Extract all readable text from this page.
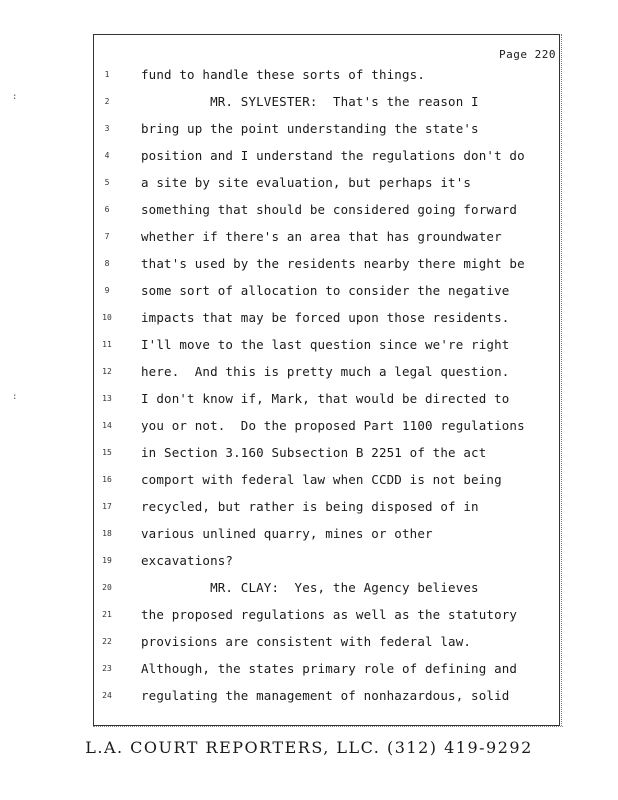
:
:
Page 220
1	fund to handle these sorts of things.
2	MR. SYLVESTER:  That's the reason I
3	bring up the point understanding the state's
4	position and I understand the regulations don't do
5	a site by site evaluation, but perhaps it's
6	something that should be considered going forward
7	whether if there's an area that has groundwater
8	that's used by the residents nearby there might be
9	some sort of allocation to consider the negative
10	impacts that may be forced upon those residents.
11	I'll move to the last question since we're right
12	here.  And this is pretty much a legal question.
13	I don't know if, Mark, that would be directed to
14	you or not.  Do the proposed Part 1100 regulations
15	in Section 3.160 Subsection B 2251 of the act
16	comport with federal law when CCDD is not being
17	recycled, but rather is being disposed of in
18	various unlined quarry, mines or other
19	excavations?
20	MR. CLAY:  Yes, the Agency believes
21	the proposed regulations as well as the statutory
22	provisions are consistent with federal law.
23	Although, the states primary role of defining and
24	regulating the management of nonhazardous, solid
L.A. COURT REPORTERS, LLC. (312) 419-9292
